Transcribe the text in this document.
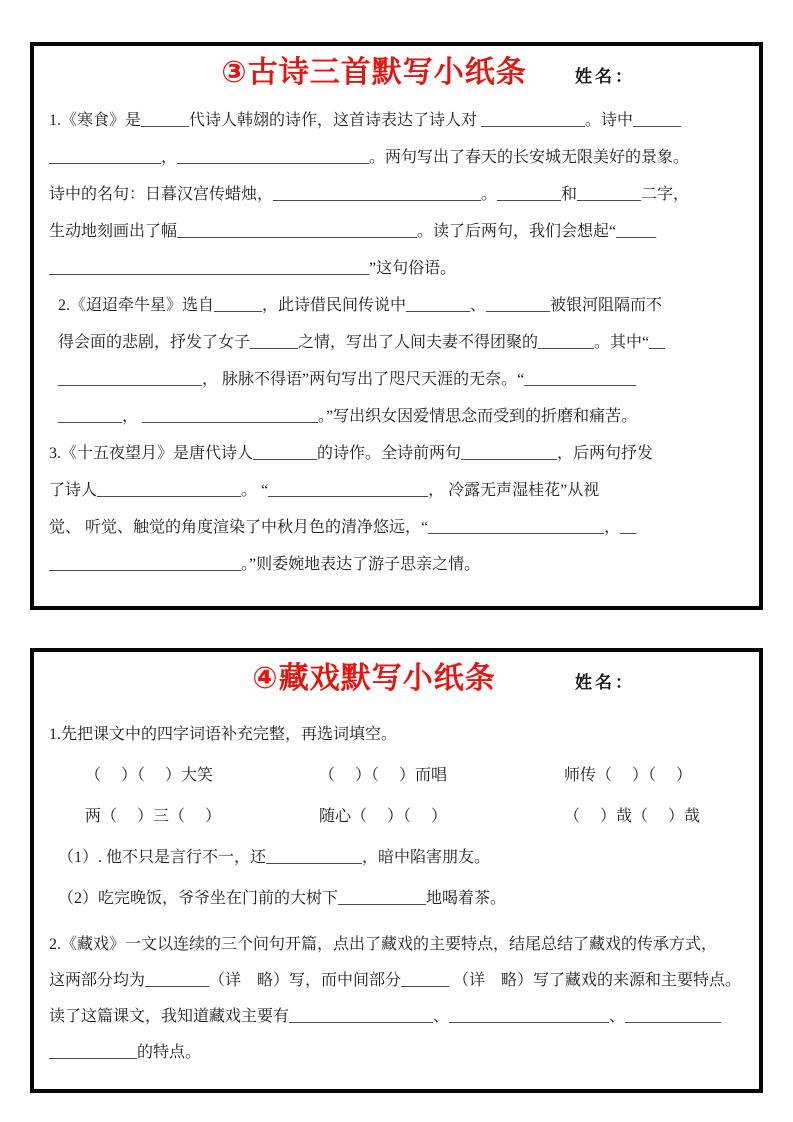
③古诗三首默写小纸条	姓名：
1.《寒食》是______代诗人韩翃的诗作，这首诗表达了诗人对 _____________。诗中______
______________，________________________。两句写出了春天的长安城无限美好的景象。
诗中的名句：日暮汉宫传蜡烛，__________________________。________和________二字，
生动地刻画出了幅______________________________。读了后两句，我们会想起“_____
________________________________________”这句俗语。
2.《迢迢牵牛星》选自______，此诗借民间传说中________、________被银河阻隔而不
得会面的悲剧，抒发了女子______之情，写出了人间夫妻不得团聚的_______。其中“__
__________________， 脉脉不得语”两句写出了咫尺天涯的无奈。“______________
________， ______________________。”写出织女因爱情思念而受到的折磨和痛苦。
3.《十五夜望月》是唐代诗人________的诗作。全诗前两句____________，后两句抒发
了诗人__________________。 “____________________， 冷露无声湿桂花”从视
觉、 听觉、触觉的角度渲染了中秋月色的清净悠远，“______________________，__
________________________。”则委婉地表达了游子思亲之情。
④藏戏默写小纸条	姓名：
1.先把课文中的四字词语补充完整，再选词填空。
（　 ）（　 ）大笑	（　 ）（　 ）而唱	师传（　 ）（　 ）
两（　 ）三（　 ）	随心（　 ）（　 ）	（　 ）哉（　 ）哉
（1）. 他不只是言行不一，还____________，暗中陷害朋友。
（2）吃完晚饭，爷爷坐在门前的大树下___________地喝着茶。
2.《藏戏》一文以连续的三个问句开篇，点出了藏戏的主要特点，结尾总结了藏戏的传承方式，
这两部分均为________（详　略）写，而中间部分______ （详　略）写了藏戏的来源和主要特点。
读了这篇课文，我知道藏戏主要有__________________、____________________、____________
___________的特点。
